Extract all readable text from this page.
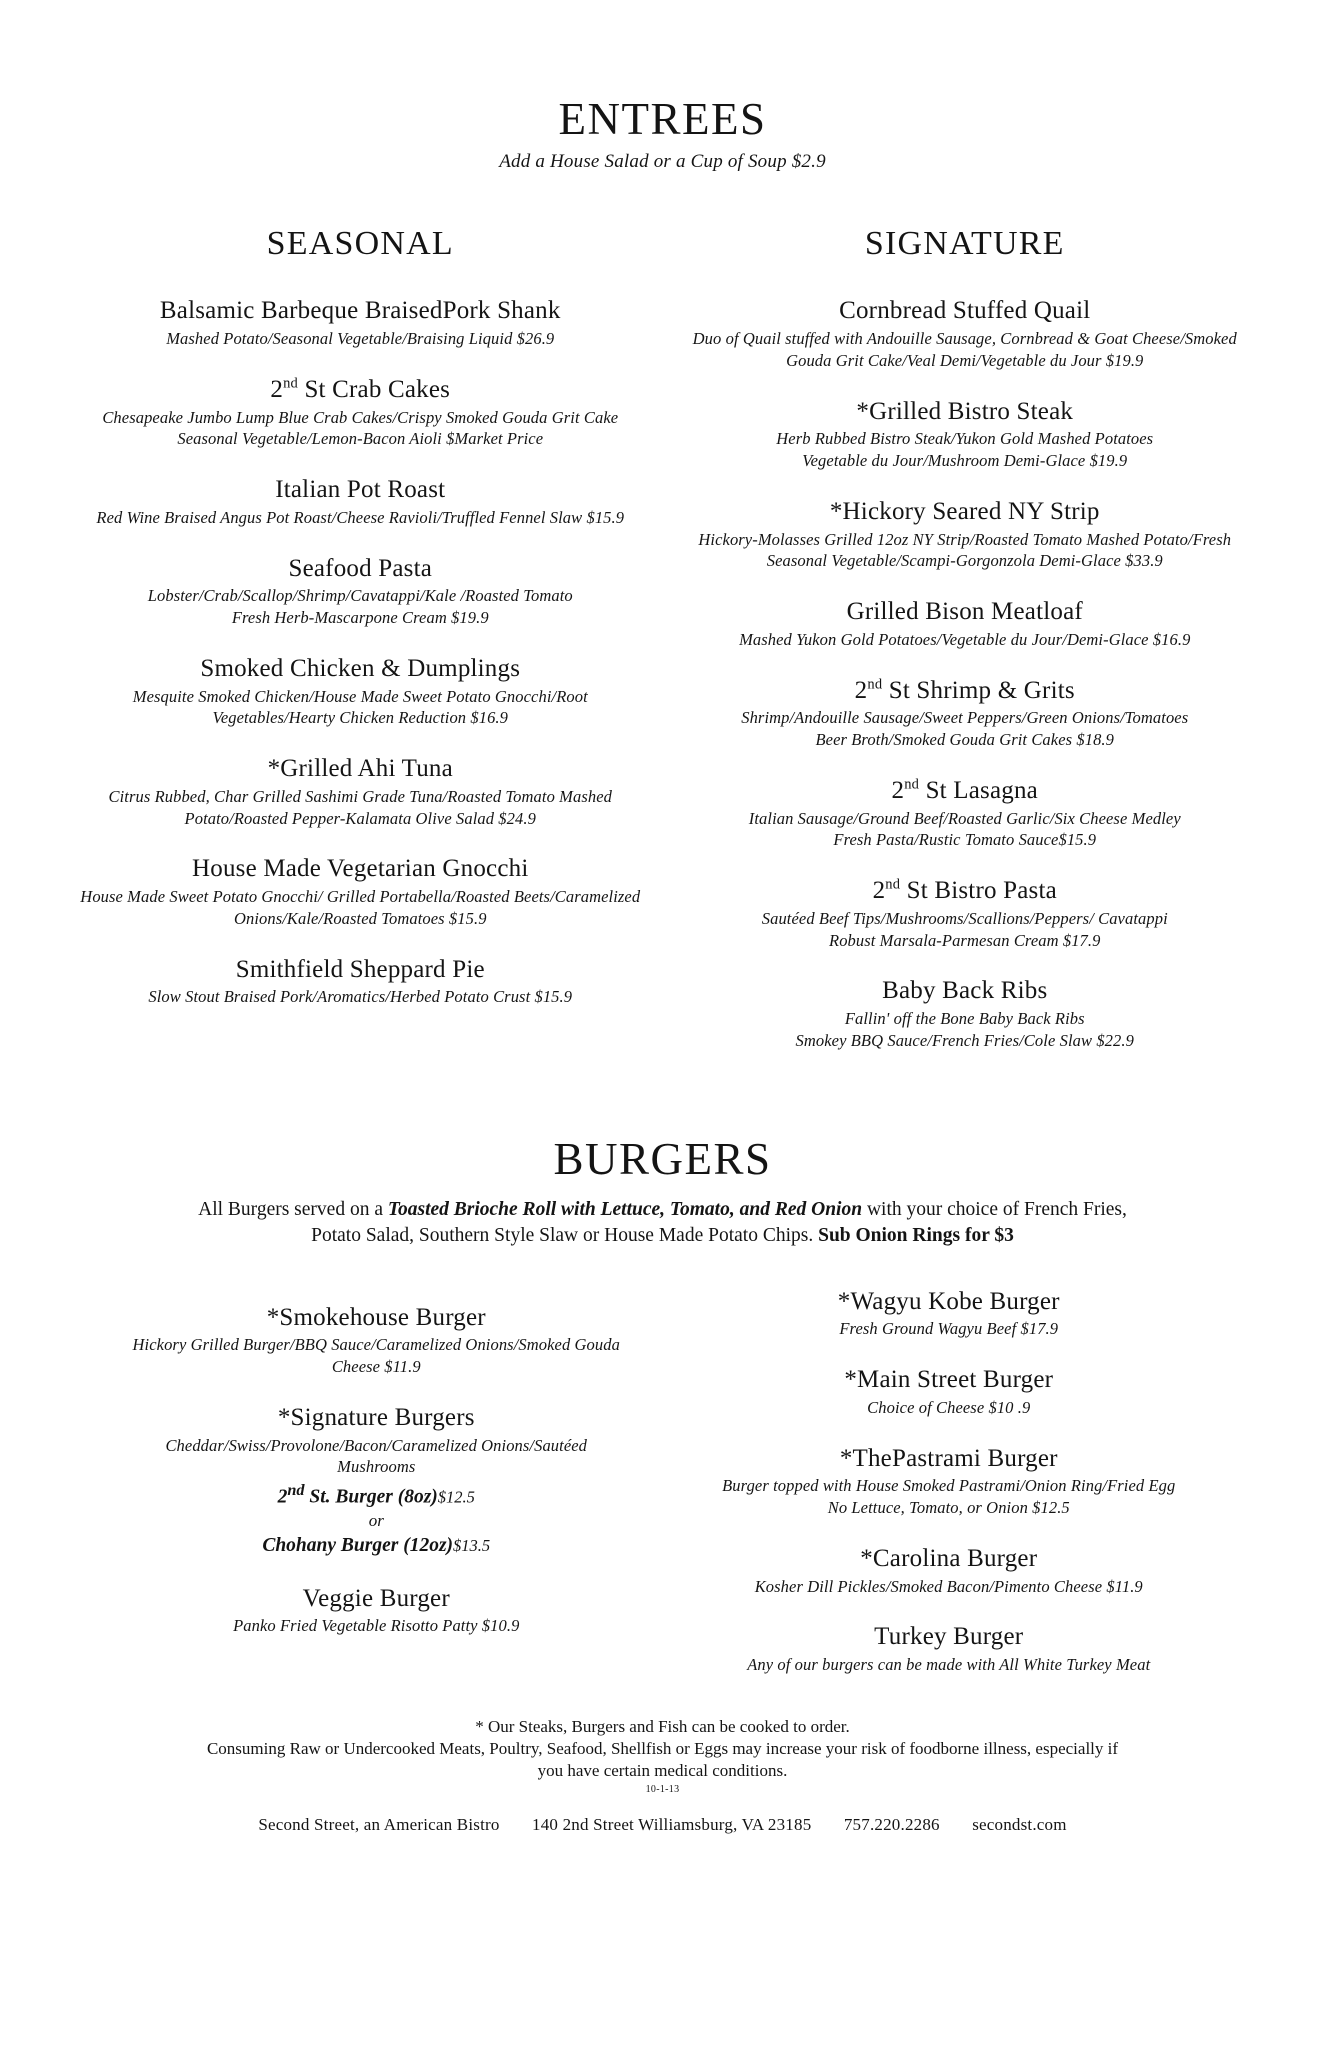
ENTREES
Add a House Salad or a Cup of Soup $2.9
SEASONAL
Balsamic Barbeque BraisedPork Shank
Mashed Potato/Seasonal Vegetable/Braising Liquid $26.9
2nd St Crab Cakes
Chesapeake Jumbo Lump Blue Crab Cakes/Crispy Smoked Gouda Grit Cake
Seasonal Vegetable/Lemon-Bacon Aioli $Market Price
Italian Pot Roast
Red Wine Braised Angus Pot Roast/Cheese Ravioli/Truffled Fennel Slaw $15.9
Seafood Pasta
Lobster/Crab/Scallop/Shrimp/Cavatappi/Kale /Roasted Tomato
Fresh Herb-Mascarpone Cream $19.9
Smoked Chicken & Dumplings
Mesquite Smoked Chicken/House Made Sweet Potato Gnocchi/Root
Vegetables/Hearty Chicken Reduction $16.9
*Grilled Ahi Tuna
Citrus Rubbed, Char Grilled Sashimi Grade Tuna/Roasted Tomato Mashed
Potato/Roasted Pepper-Kalamata Olive Salad $24.9
House Made Vegetarian Gnocchi
House Made Sweet Potato Gnocchi/ Grilled Portabella/Roasted Beets/Caramelized
Onions/Kale/Roasted Tomatoes $15.9
Smithfield Sheppard Pie
Slow Stout Braised Pork/Aromatics/Herbed Potato Crust $15.9
SIGNATURE
Cornbread Stuffed Quail
Duo of Quail stuffed with Andouille Sausage, Cornbread & Goat Cheese/Smoked
Gouda Grit Cake/Veal Demi/Vegetable du Jour $19.9
*Grilled Bistro Steak
Herb Rubbed Bistro Steak/Yukon Gold Mashed Potatoes
Vegetable du Jour/Mushroom Demi-Glace $19.9
*Hickory Seared NY Strip
Hickory-Molasses Grilled 12oz NY Strip/Roasted Tomato Mashed Potato/Fresh
Seasonal Vegetable/Scampi-Gorgonzola Demi-Glace $33.9
Grilled Bison Meatloaf
Mashed Yukon Gold Potatoes/Vegetable du Jour/Demi-Glace $16.9
2nd St Shrimp & Grits
Shrimp/Andouille Sausage/Sweet Peppers/Green Onions/Tomatoes
Beer Broth/Smoked Gouda Grit Cakes $18.9
2nd St Lasagna
Italian Sausage/Ground Beef/Roasted Garlic/Six Cheese Medley
Fresh Pasta/Rustic Tomato Sauce$15.9
2nd St Bistro Pasta
Sautéed Beef Tips/Mushrooms/Scallions/Peppers/ Cavatappi
Robust Marsala-Parmesan Cream $17.9
Baby Back Ribs
Fallin' off the Bone Baby Back Ribs
Smokey BBQ Sauce/French Fries/Cole Slaw $22.9
BURGERS
All Burgers served on a Toasted Brioche Roll with Lettuce, Tomato, and Red Onion with your choice of French Fries,
Potato Salad, Southern Style Slaw or House Made Potato Chips. Sub Onion Rings for $3
*Smokehouse Burger
Hickory Grilled Burger/BBQ Sauce/Caramelized Onions/Smoked Gouda
Cheese $11.9
*Signature Burgers
Cheddar/Swiss/Provolone/Bacon/Caramelized Onions/Sautéed
Mushrooms
2nd St. Burger (8oz)$12.5
or
Chohany Burger (12oz)$13.5
Veggie Burger
Panko Fried Vegetable Risotto Patty $10.9
*Wagyu Kobe Burger
Fresh Ground Wagyu Beef $17.9
*Main Street Burger
Choice of Cheese $10 .9
*ThePastrami Burger
Burger topped with House Smoked Pastrami/Onion Ring/Fried Egg
No Lettuce, Tomato, or Onion $12.5
*Carolina Burger
Kosher Dill Pickles/Smoked Bacon/Pimento Cheese $11.9
Turkey Burger
Any of our burgers can be made with All White Turkey Meat
* Our Steaks, Burgers and Fish can be cooked to order.
Consuming Raw or Undercooked Meats, Poultry, Seafood, Shellfish or Eggs may increase your risk of foodborne illness, especially if
you have certain medical conditions.
10-1-13
Second Street, an American Bistro 140 2nd Street Williamsburg, VA 23185 757.220.2286 secondst.com
